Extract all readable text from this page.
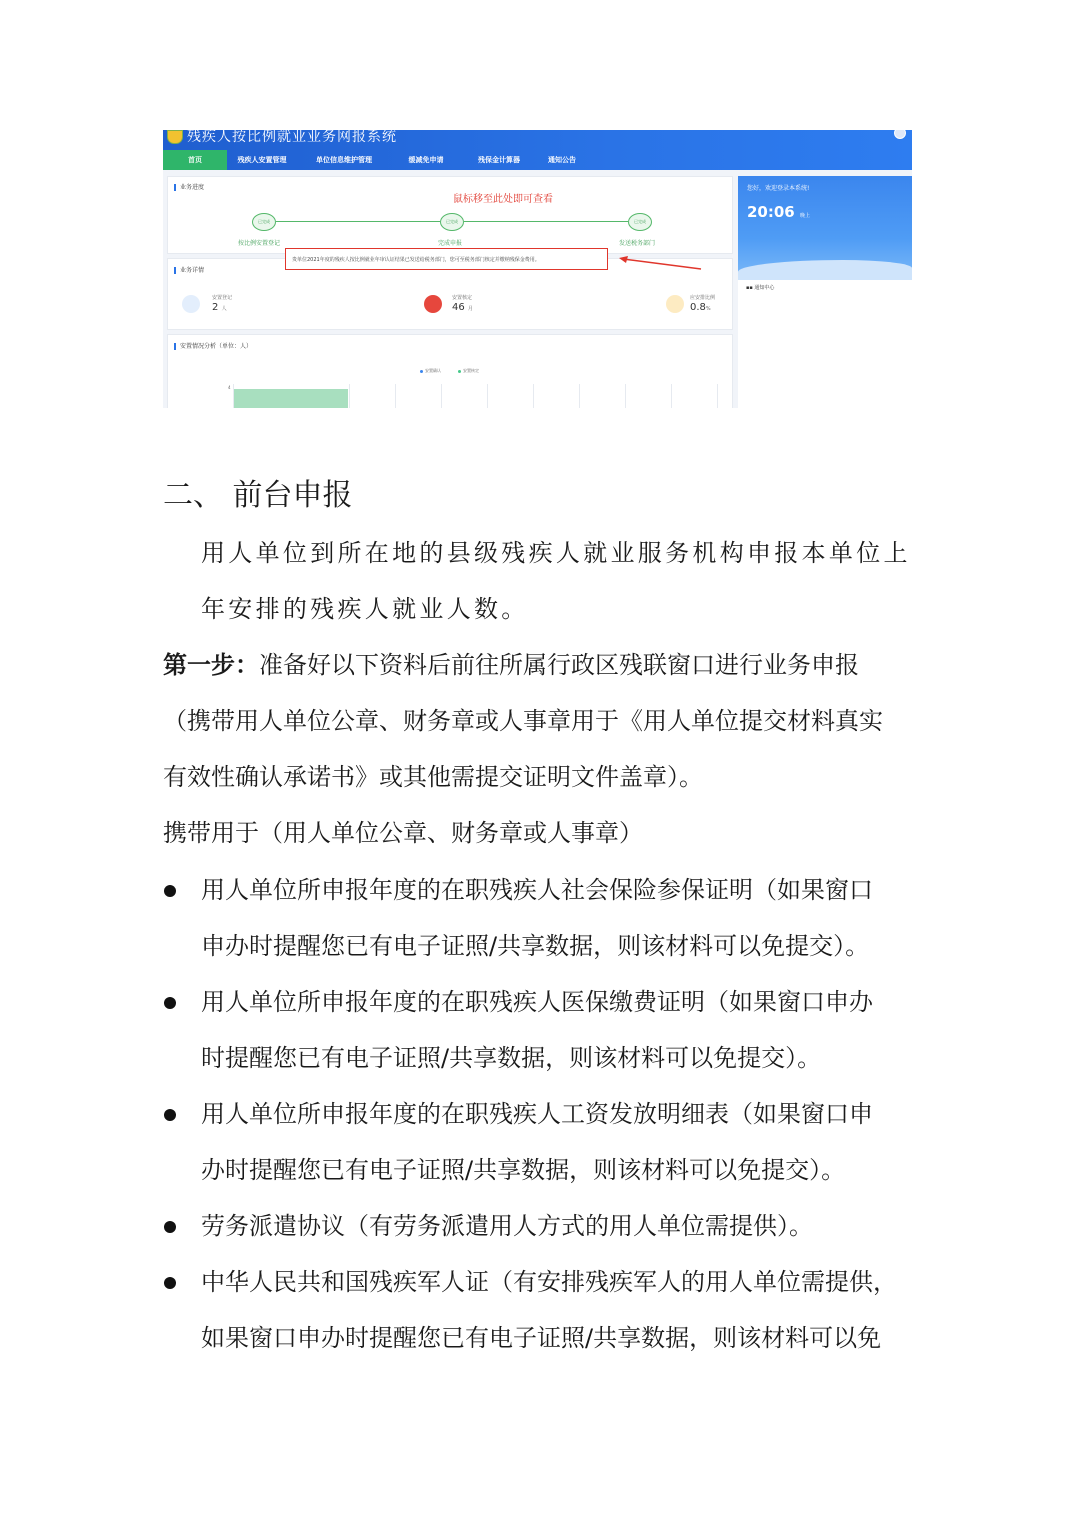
残疾人按比例就业业务网报系统
首页	残疾人安置管理	单位信息维护管理	缓减免申请	残保金计算器	通知公告
业务进度
已完成	已完成	已完成
按比例安置登记	完成申报	发送税务部门
鼠标移至此处即可查看
业务详情
安置登记
2 人
安置核定
46 月
应安排比例
0.8%
贵单位2021年度的残疾人按比例就业年审认证结果已发送给税务部门，您可至税务部门核定并缴纳残保金费用。
安置情况分析（单位：人）
安置确认	安置核定
4
您好，欢迎登录本系统!
20:06 晚上
▪▪ 通知中心
二、 前台申报
用人单位到所在地的县级残疾人就业服务机构申报本单位上
年安排的残疾人就业人数。
第一步：准备好以下资料后前往所属行政区残联窗口进行业务申报
（携带用人单位公章、财务章或人事章用于《用人单位提交材料真实
有效性确认承诺书》或其他需提交证明文件盖章）。
携带用于（用人单位公章、财务章或人事章）
用人单位所申报年度的在职残疾人社会保险参保证明（如果窗口
申办时提醒您已有电子证照/共享数据，则该材料可以免提交）。
用人单位所申报年度的在职残疾人医保缴费证明（如果窗口申办
时提醒您已有电子证照/共享数据，则该材料可以免提交）。
用人单位所申报年度的在职残疾人工资发放明细表（如果窗口申
办时提醒您已有电子证照/共享数据，则该材料可以免提交）。
劳务派遣协议（有劳务派遣用人方式的用人单位需提供）。
中华人民共和国残疾军人证（有安排残疾军人的用人单位需提供，
如果窗口申办时提醒您已有电子证照/共享数据，则该材料可以免
